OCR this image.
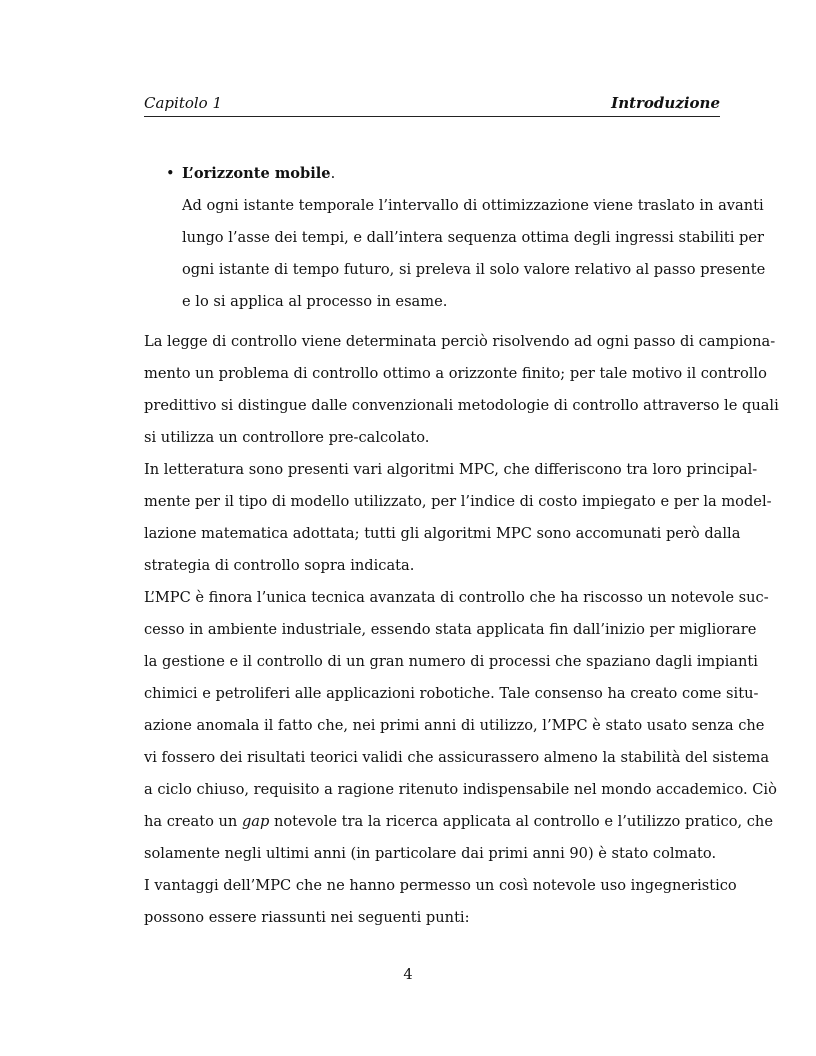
Capitolo 1	Introduzione
• L’orizzonte mobile.
Ad ogni istante temporale l’intervallo di ottimizzazione viene traslato in avanti
lungo l’asse dei tempi, e dall’intera sequenza ottima degli ingressi stabiliti per
ogni istante di tempo futuro, si preleva il solo valore relativo al passo presente
e lo si applica al processo in esame.
La legge di controllo viene determinata perciò risolvendo ad ogni passo di campiona-
mento un problema di controllo ottimo a orizzonte finito; per tale motivo il controllo
predittivo si distingue dalle convenzionali metodologie di controllo attraverso le quali
si utilizza un controllore pre-calcolato.
In letteratura sono presenti vari algoritmi MPC, che differiscono tra loro principal-
mente per il tipo di modello utilizzato, per l’indice di costo impiegato e per la model-
lazione matematica adottata; tutti gli algoritmi MPC sono accomunati però dalla
strategia di controllo sopra indicata.
L’MPC è finora l’unica tecnica avanzata di controllo che ha riscosso un notevole suc-
cesso in ambiente industriale, essendo stata applicata fin dall’inizio per migliorare
la gestione e il controllo di un gran numero di processi che spaziano dagli impianti
chimici e petroliferi alle applicazioni robotiche. Tale consenso ha creato come situ-
azione anomala il fatto che, nei primi anni di utilizzo, l’MPC è stato usato senza che
vi fossero dei risultati teorici validi che assicurassero almeno la stabilità del sistema
a ciclo chiuso, requisito a ragione ritenuto indispensabile nel mondo accademico. Ciò
ha creato un gap notevole tra la ricerca applicata al controllo e l’utilizzo pratico, che
solamente negli ultimi anni (in particolare dai primi anni 90) è stato colmato.
I vantaggi dell’MPC che ne hanno permesso un così notevole uso ingegneristico
possono essere riassunti nei seguenti punti:
4
